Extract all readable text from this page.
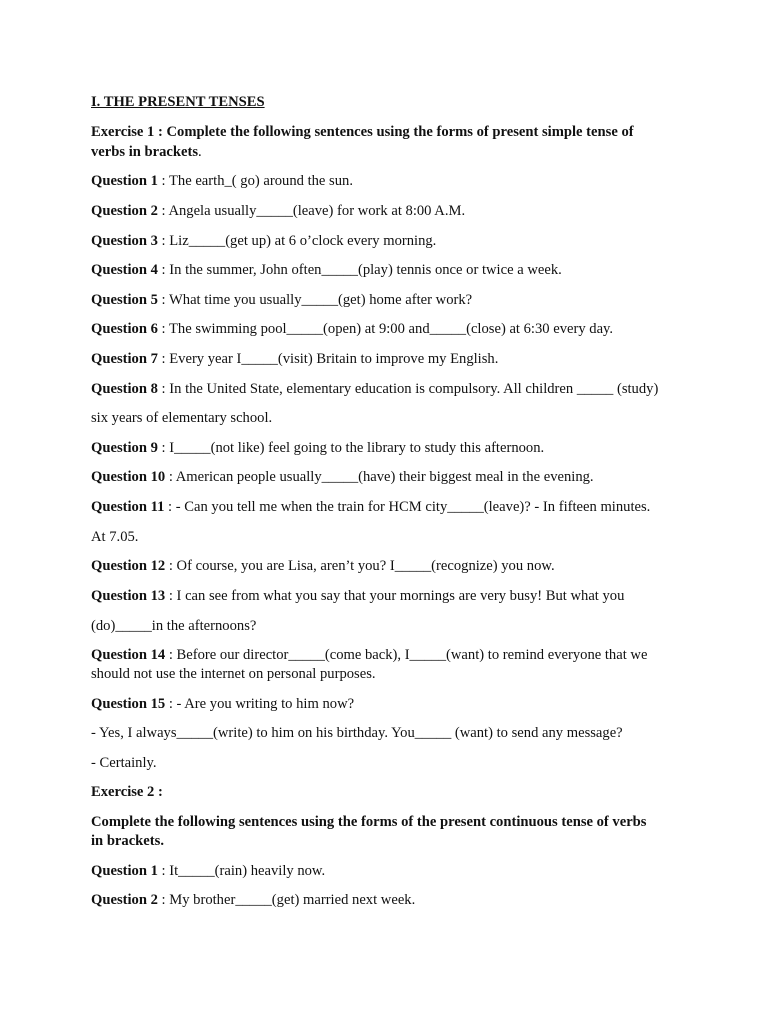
I. THE PRESENT TENSES
Exercise 1 : Complete the following sentences using the forms of present simple tense of
verbs in brackets.
Question 1 : The earth_( go) around the sun.
Question 2 : Angela usually_____(leave) for work at 8:00 A.M.
Question 3 : Liz_____(get up) at 6 o’clock every morning.
Question 4 : In the summer, John often_____(play) tennis once or twice a week.
Question 5 : What time you usually_____(get) home after work?
Question 6 : The swimming pool_____(open) at 9:00 and_____(close) at 6:30 every day.
Question 7 : Every year I_____(visit) Britain to improve my English.
Question 8 : In the United State, elementary education is compulsory. All children _____ (study)
six years of elementary school.
Question 9 : I_____(not like) feel going to the library to study this afternoon.
Question 10 : American people usually_____(have) their biggest meal in the evening.
Question 11 : - Can you tell me when the train for HCM city_____(leave)? - In fifteen minutes.
At 7.05.
Question 12 : Of course, you are Lisa, aren’t you? I_____(recognize) you now.
Question 13 : I can see from what you say that your mornings are very busy! But what you
(do)_____in the afternoons?
Question 14 : Before our director_____(come back), I_____(want) to remind everyone that we
should not use the internet on personal purposes.
Question 15 : - Are you writing to him now?
- Yes, I always_____(write) to him on his birthday. You_____ (want) to send any message?
- Certainly.
Exercise 2 :
Complete the following sentences using the forms of the present continuous tense of verbs
in brackets.
Question 1 : It_____(rain) heavily now.
Question 2 : My brother_____(get) married next week.
